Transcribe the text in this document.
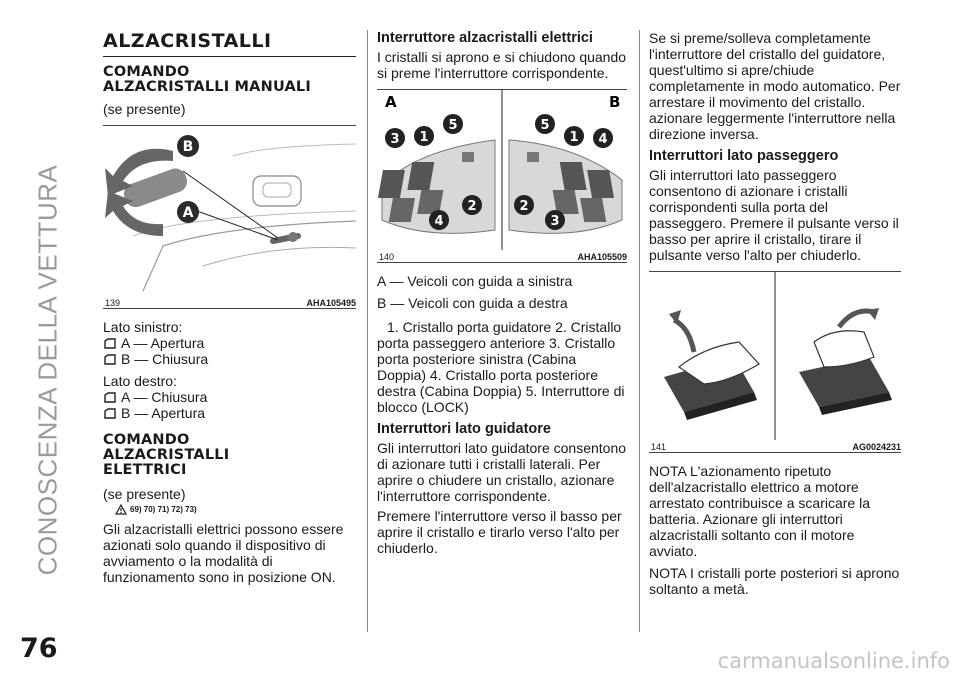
CONOSCENZA DELLA VETTURA
76	carmanualsonline.info
ALZACRISTALLI
COMANDO
ALZACRISTALLI MANUALI

(se presente)

B
A
139	AHA105495

Lato sinistro:

A — Apertura
B — Chiusura

Lato destro:

A — Chiusura
B — Apertura
COMANDO
ALZACRISTALLI
ELETTRICI

(se presente)

69) 70) 71) 72) 73)

Gli alzacristalli elettrici possono essere azionati solo quando il dispositivo di avviamento o la modalità di funzionamento sono in posizione ON.

Interruttore alzacristalli elettrici

I cristalli si aprono e si chiudono quando si preme l'interruttore corrispondente.

A	B
3 1
5
4
2
5
1 4
2
3
140	AHA105509

A — Veicoli con guida a sinistra

B — Veicoli con guida a destra

1. Cristallo porta guidatore 2. Cristallo porta passeggero anteriore 3. Cristallo porta posteriore sinistra (Cabina Doppia) 4. Cristallo porta posteriore destra (Cabina Doppia) 5. Interruttore di blocco (LOCK)

Interruttori lato guidatore

Gli interruttori lato guidatore consentono di azionare tutti i cristalli laterali. Per aprire o chiudere un cristallo, azionare l'interruttore corrispondente.

Premere l'interruttore verso il basso per aprire il cristallo e tirarlo verso l'alto per chiuderlo.

Se si preme/solleva completamente l'interruttore del cristallo del guidatore, quest'ultimo si apre/chiude completamente in modo automatico. Per arrestare il movimento del cristallo. azionare leggermente l'interruttore nella direzione inversa.

Interruttori lato passeggero

Gli interruttori lato passeggero consentono di azionare i cristalli corrispondenti sulla porta del passeggero. Premere il pulsante verso il basso per aprire il cristallo, tirare il pulsante verso l'alto per chiuderlo.

141	AG0024231

NOTA L'azionamento ripetuto dell'alzacristallo elettrico a motore arrestato contribuisce a scaricare la batteria. Azionare gli interruttori alzacristalli soltanto con il motore avviato.

NOTA I cristalli porte posteriori si aprono soltanto a metà.
